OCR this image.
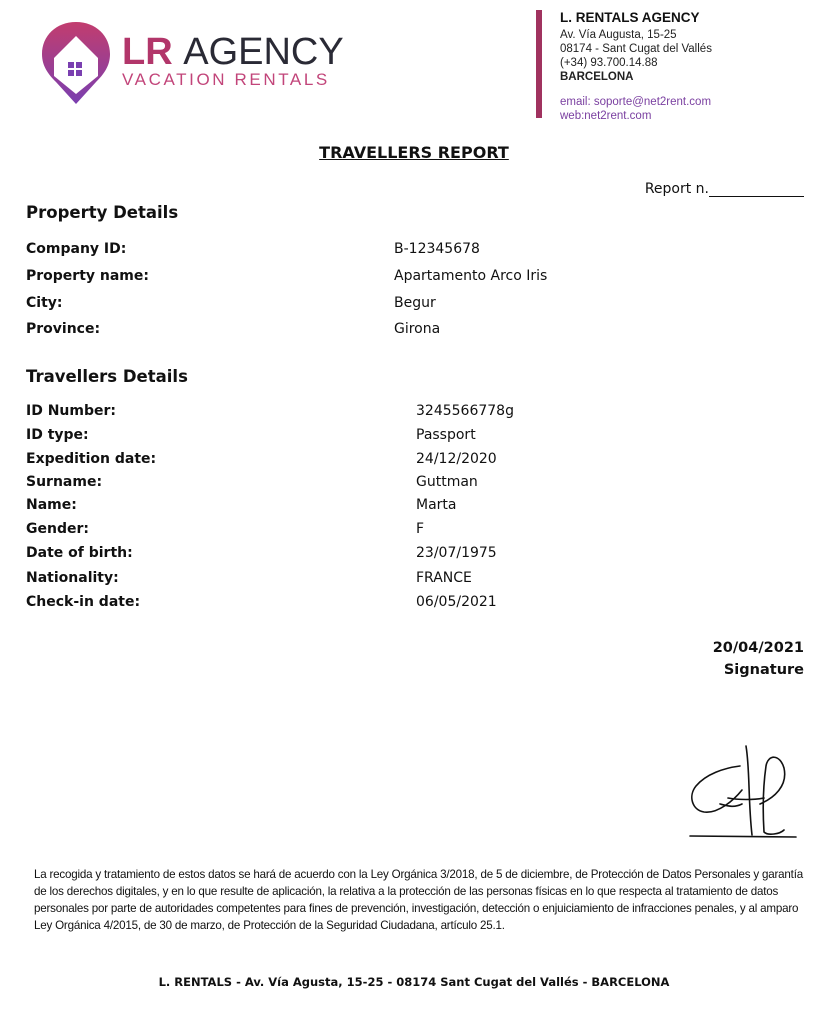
LR AGENCY
VACATION RENTALS
L. RENTALS AGENCY
Av. Vía Augusta, 15-25
08174 - Sant Cugat del Vallés
(+34) 93.700.14.88
BARCELONA
email: soporte@net2rent.com
web:net2rent.com
TRAVELLERS REPORT
Report n.
Property Details
Company ID:	B-12345678
Property name:	Apartamento Arco Iris
City:	Begur
Province:	Girona
Travellers Details
ID Number:	3245566778g
ID type:	Passport
Expedition date:	24/12/2020
Surname:	Guttman
Name:	Marta
Gender:	F
Date of birth:	23/07/1975
Nationality:	FRANCE
Check-in date:	06/05/2021
20/04/2021
Signature
La recogida y tratamiento de estos datos se hará de acuerdo con la Ley Orgánica 3/2018, de 5 de diciembre, de Protección de Datos Personales y garantía de los derechos digitales, y en lo que resulte de aplicación, la relativa a la protección de las personas físicas en lo que respecta al tratamiento de datos personales por parte de autoridades competentes para fines de prevención, investigación, detección o enjuiciamiento de infracciones penales, y al amparo Ley Orgánica 4/2015, de 30 de marzo, de Protección de la Seguridad Ciudadana, artículo 25.1.
L. RENTALS - Av. Vía Agusta, 15-25 - 08174 Sant Cugat del Vallés - BARCELONA
